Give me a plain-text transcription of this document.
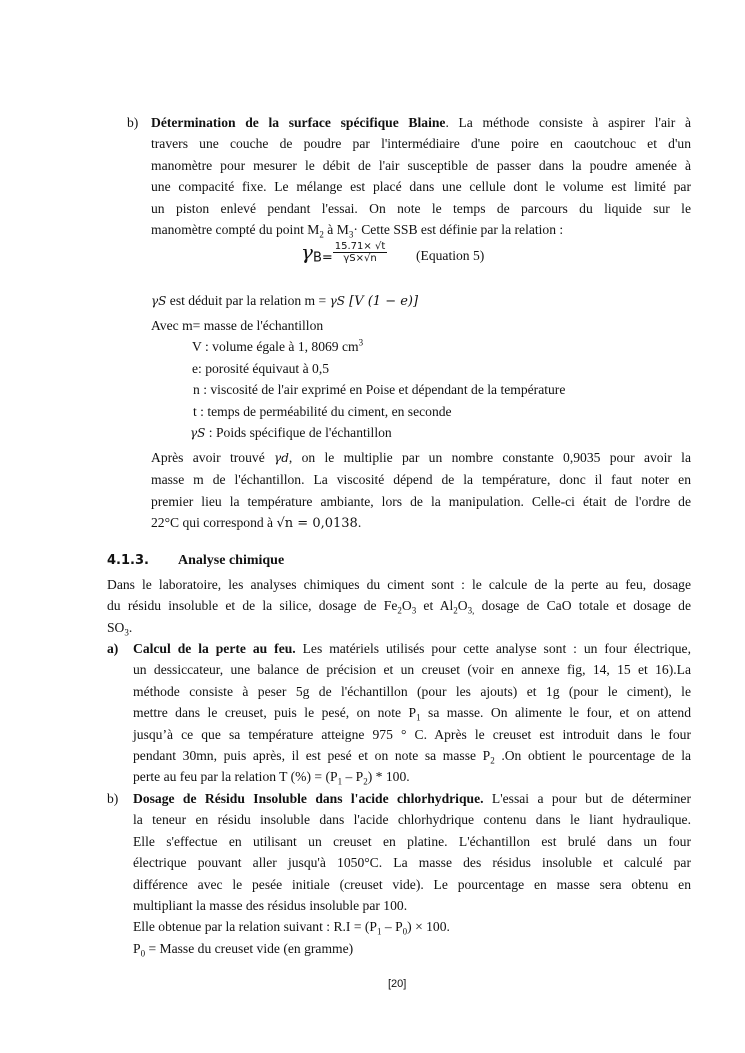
b) Détermination de la surface spécifique Blaine. La méthode consiste à aspirer l'air à
travers une couche de poudre par l'intermédiaire d'une poire en caoutchouc et d'un
manomètre pour mesurer le débit de l'air susceptible de passer dans la poudre amenée à
une compacité fixe. Le mélange est placé dans une cellule dont le volume est limité par
un piston enlevé pendant l'essai. On note le temps de parcours du liquide sur le
manomètre compté du point $M_2$ à $M_3\cdot$ Cette SSB est définie par la relation :
$\gamma_{B=} \frac{15.71\times √t}{\gamma S\times√n}$ (Equation 5)
γS est déduit par la relation m = γS [V (1 − e)]
Avec m= masse de l'échantillon
V : volume égale à 1, 8069 $cm^3$
e: porosité équivaut à 0,5
n : viscosité de l'air exprimé en Poise et dépendant de la température
t : temps de perméabilité du ciment, en seconde
γS : Poids spécifique de l'échantillon
Après avoir trouvé γd, on le multiplie par un nombre constante 0,9035 pour avoir la
masse m de l'échantillon. La viscosité dépend de la température, donc il faut noter en
premier lieu la température ambiante, lors de la manipulation. Celle-ci était de l'ordre de
22°C qui correspond à √n = 0,0138.
4.1.3. Analyse chimique
Dans le laboratoire, les analyses chimiques du ciment sont : le calcule de la perte au feu, dosage
du résidu insoluble et de la silice, dosage de $Fe_2O_3$ et $Al_2O_{3,}$ dosage de CaO totale et dosage de
$SO_3$.
a) Calcul de la perte au feu. Les matériels utilisés pour cette analyse sont : un four électrique,
un dessiccateur, une balance de précision et un creuset (voir en annexe fig, 14, 15 et 16).La
méthode consiste à peser 5g de l'échantillon (pour les ajouts) et 1g (pour le ciment), le
mettre dans le creuset, puis le pesé, on note $P_1$ sa masse. On alimente le four, et on attend
jusqu’à ce que sa température atteigne 975 ° C. Après le creuset est introduit dans le four
pendant 30mn, puis après, il est pesé et on note sa masse $P_2$ .On obtient le pourcentage de la
perte au feu par la relation T (%) = $(P_1 - P_2) * 100$.
b) Dosage de Résidu Insoluble dans l'acide chlorhydrique. L'essai a pour but de déterminer
la teneur en résidu insoluble dans l'acide chlorhydrique contenu dans le liant hydraulique.
Elle s'effectue en utilisant un creuset en platine. L'échantillon est brulé dans un four
électrique pouvant aller jusqu'à 1050°C. La masse des résidus insoluble et calculé par
différence avec le pesée initiale (creuset vide). Le pourcentage en masse sera obtenu en
multipliant la masse des résidus insoluble par 100.
Elle obtenue par la relation suivant : $R.I = (P_1 - P_0) \times 100$.
$P_0$ = Masse du creuset vide (en gramme)
[20]
